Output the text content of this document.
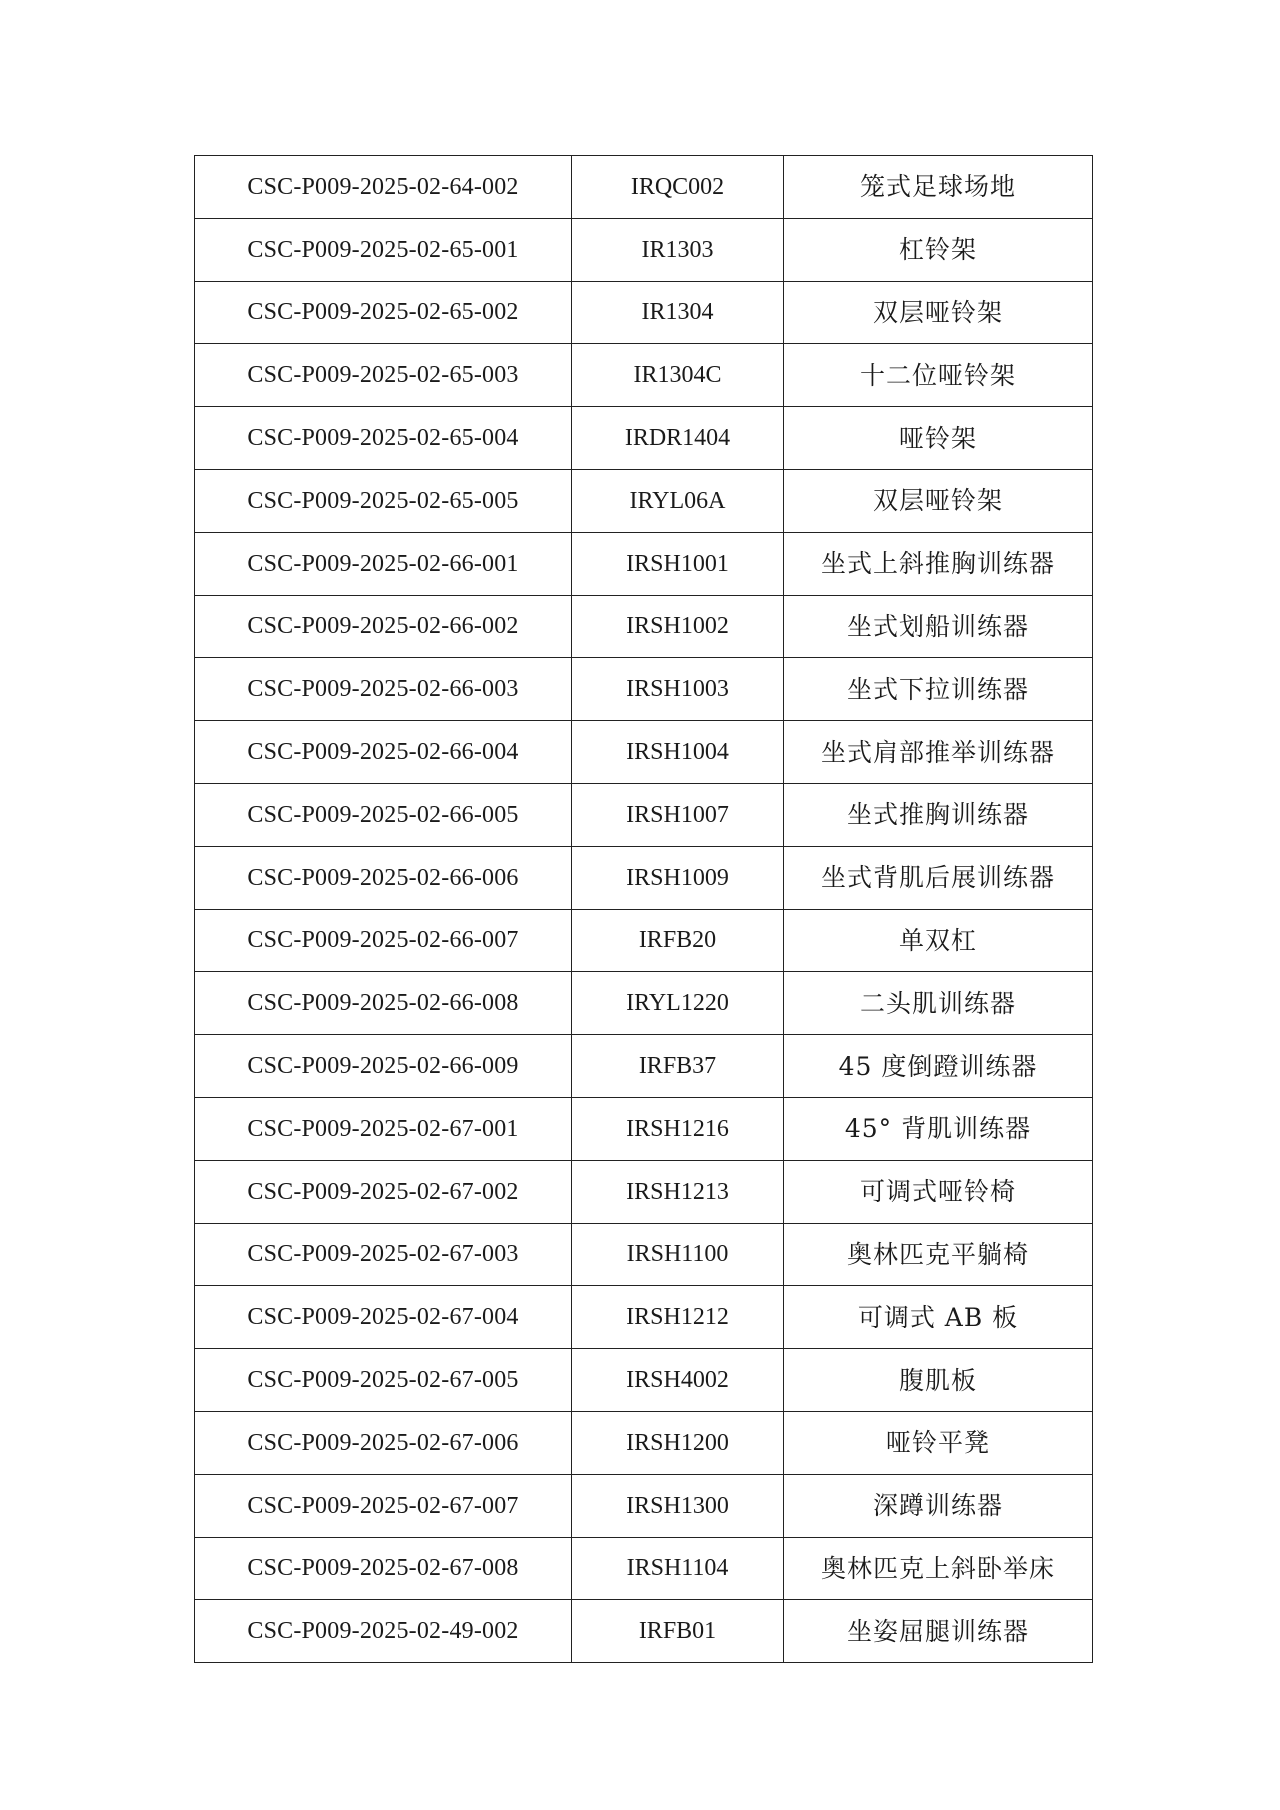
CSC-P009-2025-02-64-002	IRQC002	笼式足球场地
CSC-P009-2025-02-65-001	IR1303	杠铃架
CSC-P009-2025-02-65-002	IR1304	双层哑铃架
CSC-P009-2025-02-65-003	IR1304C	十二位哑铃架
CSC-P009-2025-02-65-004	IRDR1404	哑铃架
CSC-P009-2025-02-65-005	IRYL06A	双层哑铃架
CSC-P009-2025-02-66-001	IRSH1001	坐式上斜推胸训练器
CSC-P009-2025-02-66-002	IRSH1002	坐式划船训练器
CSC-P009-2025-02-66-003	IRSH1003	坐式下拉训练器
CSC-P009-2025-02-66-004	IRSH1004	坐式肩部推举训练器
CSC-P009-2025-02-66-005	IRSH1007	坐式推胸训练器
CSC-P009-2025-02-66-006	IRSH1009	坐式背肌后展训练器
CSC-P009-2025-02-66-007	IRFB20	单双杠
CSC-P009-2025-02-66-008	IRYL1220	二头肌训练器
CSC-P009-2025-02-66-009	IRFB37	45 度倒蹬训练器
CSC-P009-2025-02-67-001	IRSH1216	45° 背肌训练器
CSC-P009-2025-02-67-002	IRSH1213	可调式哑铃椅
CSC-P009-2025-02-67-003	IRSH1100	奥林匹克平躺椅
CSC-P009-2025-02-67-004	IRSH1212	可调式 AB 板
CSC-P009-2025-02-67-005	IRSH4002	腹肌板
CSC-P009-2025-02-67-006	IRSH1200	哑铃平凳
CSC-P009-2025-02-67-007	IRSH1300	深蹲训练器
CSC-P009-2025-02-67-008	IRSH1104	奥林匹克上斜卧举床
CSC-P009-2025-02-49-002	IRFB01	坐姿屈腿训练器
